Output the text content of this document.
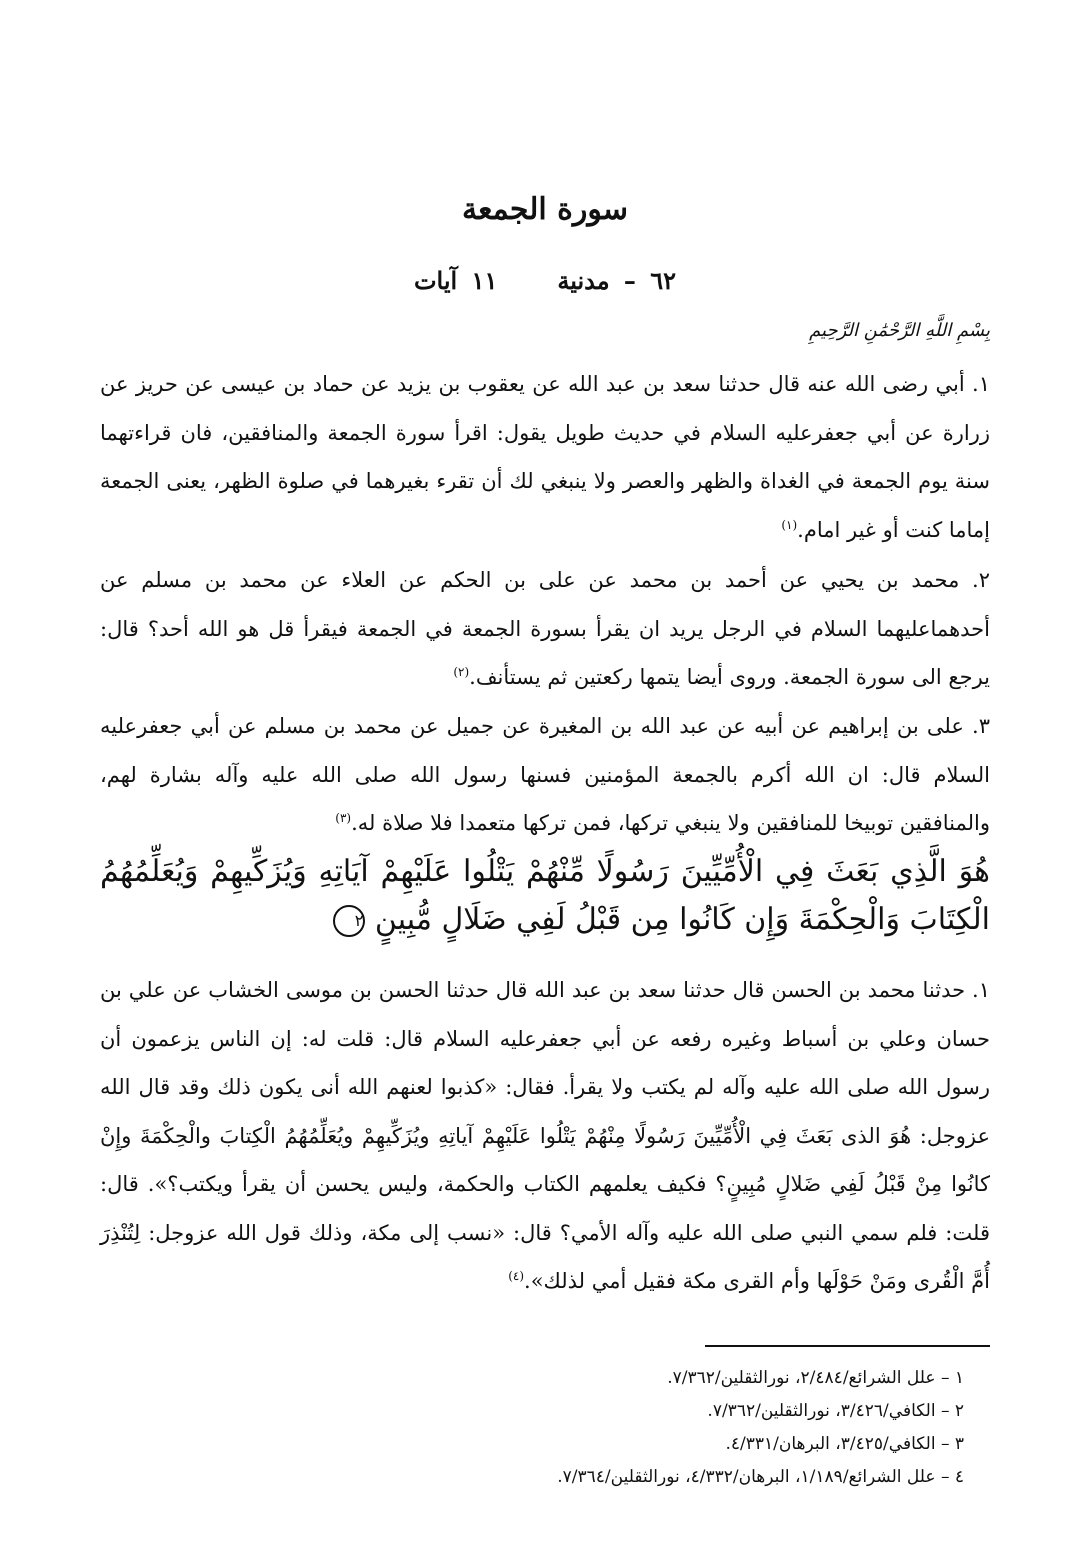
سورة الجمعة
٦٢ – مدنية١١ آيات
بِسْمِ اللَّهِ الرَّحْمَٰنِ الرَّحِيمِ

١. أبي رضى الله عنه قال حدثنا سعد بن عبد الله عن يعقوب بن يزيد عن حماد بن عيسى عن حريز عن زرارة عن أبي جعفرعليه السلام في حديث طويل يقول: اقرأ سورة الجمعة والمنافقين، فان قراءتهما سنة يوم الجمعة في الغداة والظهر والعصر ولا ينبغي لك أن تقرء بغيرهما في صلوة الظهر، يعنى الجمعة إماما كنت أو غير امام.$^{(١)}$

٢. محمد بن يحيي عن أحمد بن محمد عن على بن الحكم عن العلاء عن محمد بن مسلم عن أحدهماعليهما السلام في الرجل يريد ان يقرأ بسورة الجمعة في الجمعة فيقرأ قل هو الله أحد؟ قال: يرجع الى سورة الجمعة. وروى أيضا يتمها ركعتين ثم يستأنف.$^{(٢)}$

٣. على بن إبراهيم عن أبيه عن عبد الله بن المغيرة عن جميل عن محمد بن مسلم عن أبي جعفرعليه السلام قال: ان الله أكرم بالجمعة المؤمنين فسنها رسول الله صلى الله عليه وآله بشارة لهم، والمنافقين توبيخا للمنافقين ولا ينبغي تركها، فمن تركها متعمدا فلا صلاة له.$^{(٣)}$

هُوَ الَّذِي بَعَثَ فِي الْأُمِّيِّينَ رَسُولًا مِّنْهُمْ يَتْلُوا عَلَيْهِمْ آيَاتِهِ وَيُزَكِّيهِمْ وَيُعَلِّمُهُمُ الْكِتَابَ وَالْحِكْمَةَ وَإِن كَانُوا مِن قَبْلُ لَفِي ضَلَالٍ مُّبِينٍ ٢

١. حدثنا محمد بن الحسن قال حدثنا سعد بن عبد الله قال حدثنا الحسن بن موسى الخشاب عن علي بن حسان وعلي بن أسباط وغيره رفعه عن أبي جعفرعليه السلام قال: قلت له: إن الناس يزعمون أن رسول الله صلى الله عليه وآله لم يكتب ولا يقرأ. فقال: «كذبوا لعنهم الله أنى يكون ذلك وقد قال الله عزوجل: هُوَ الذى بَعَثَ فِي الْأُمِّيِّينَ رَسُولًا مِنْهُمْ يَتْلُوا عَلَيْهِمْ آياتِهِ ويُزَكِّيهِمْ ويُعَلِّمُهُمُ الْكِتابَ والْحِكْمَةَ وإِنْ كانُوا مِنْ قَبْلُ لَفِي ضَلالٍ مُبِينٍ؟ فكيف يعلمهم الكتاب والحكمة، وليس يحسن أن يقرأ ويكتب؟». قال: قلت: فلم سمي النبي صلى الله عليه وآله الأمي؟ قال: «نسب إلى مكة، وذلك قول الله عزوجل: لِتُنْذِرَ أُمَّ الْقُرى ومَنْ حَوْلَها وأم القرى مكة فقيل أمي لذلك».$^{(٤)}$

١ – علل الشرائع/٢/٤٨٤، نورالثقلين/٧/٣٦٢.
٢ – الكافي/٣/٤٢٦، نورالثقلين/٧/٣٦٢.
٣ – الكافي/٣/٤٢٥، البرهان/٤/٣٣١.
٤ – علل الشرائع/١/١٨٩، البرهان/٤/٣٣٢، نورالثقلين/٧/٣٦٤.
